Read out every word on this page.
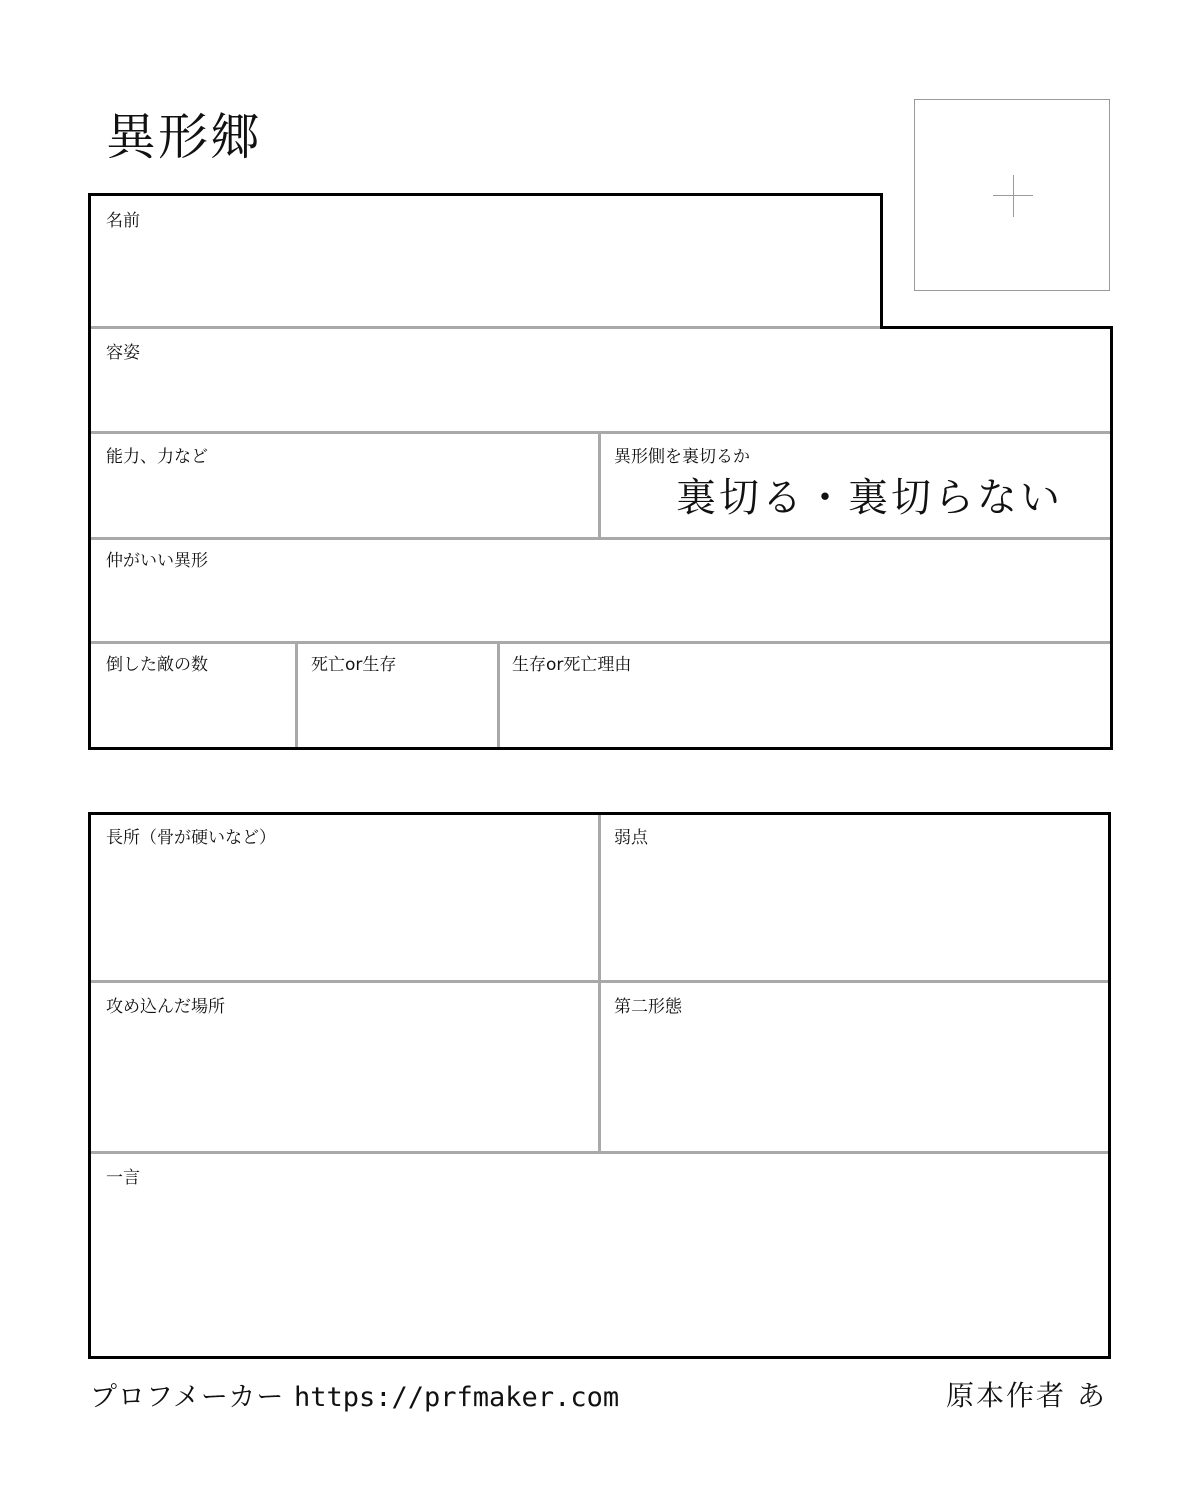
異形郷
名前
容姿
能力、力など	異形側を裏切るか
裏切る・裏切らない
仲がいい異形
倒した敵の数	死亡or生存	生存or死亡理由
長所（骨が硬いなど）	弱点
攻め込んだ場所	第二形態
一言
プロフメーカー https://prfmaker.com	原本作者 あ
